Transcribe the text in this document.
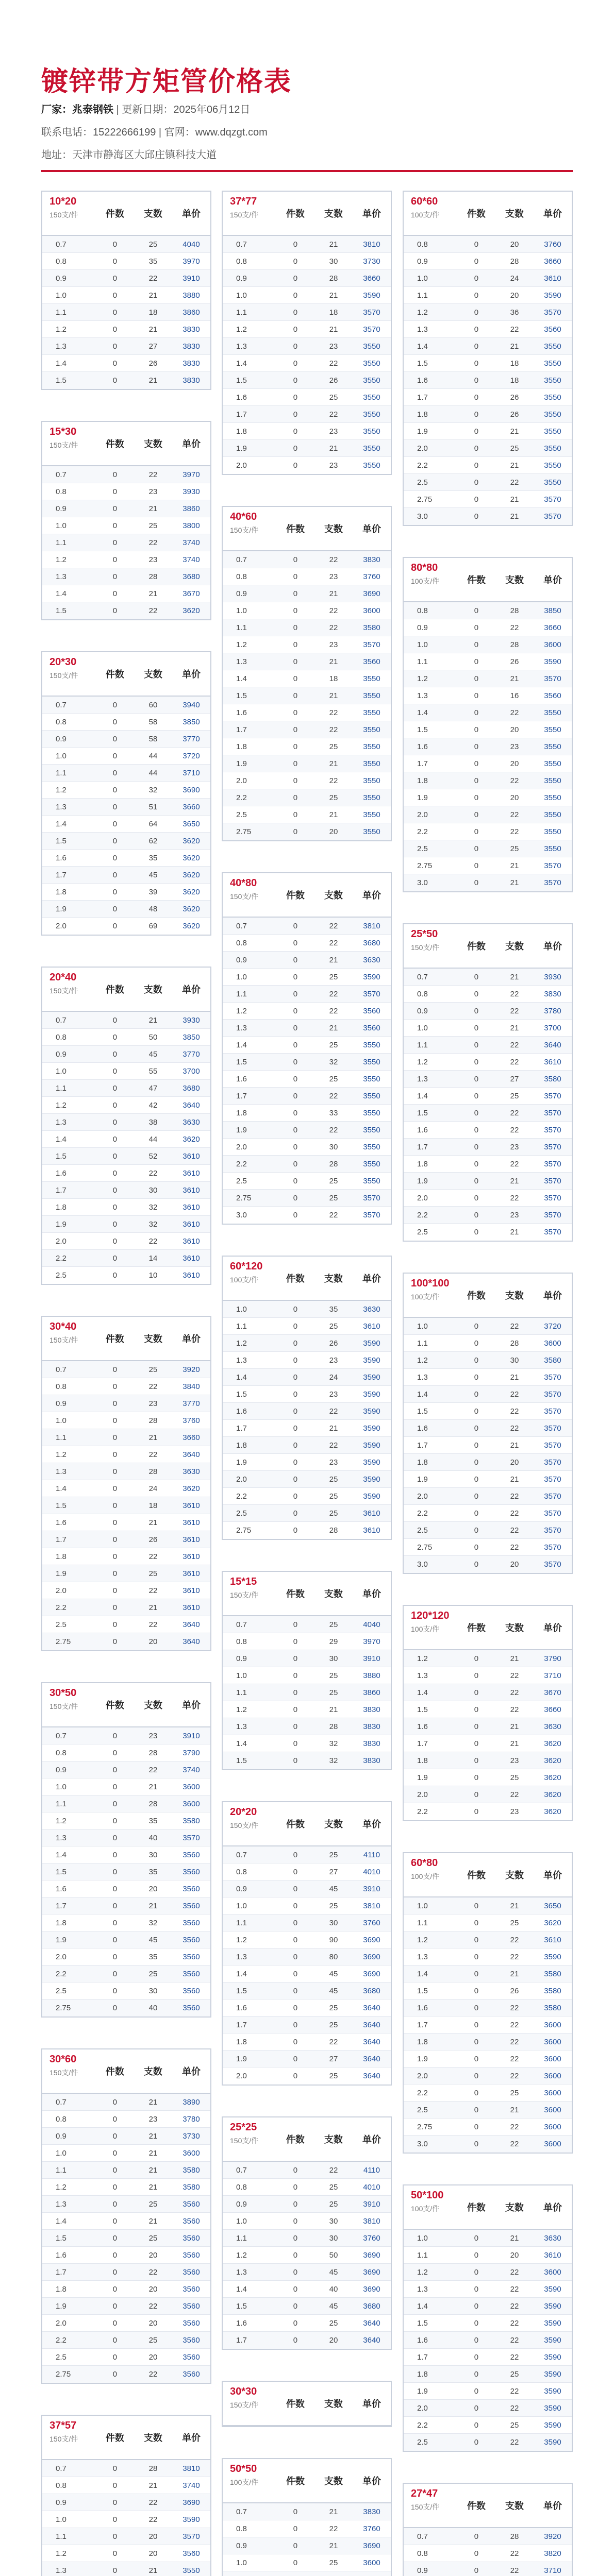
镀锌带方矩管价格表
厂家：兆泰钢铁 | 更新日期：2025年06月12日
联系电话：15222666199 | 官网：www.dqzgt.com
地址：天津市静海区大邱庄镇科技大道
10*20
150支/件	件数	支数	单价
0.7	0	25	4040
0.8	0	35	3970
0.9	0	22	3910
1.0	0	21	3880
1.1	0	18	3860
1.2	0	21	3830
1.3	0	27	3830
1.4	0	26	3830
1.5	0	21	3830
15*30
150支/件	件数	支数	单价
0.7	0	22	3970
0.8	0	23	3930
0.9	0	21	3860
1.0	0	25	3800
1.1	0	22	3740
1.2	0	23	3740
1.3	0	28	3680
1.4	0	21	3670
1.5	0	22	3620
20*30
150支/件	件数	支数	单价
0.7	0	60	3940
0.8	0	58	3850
0.9	0	58	3770
1.0	0	44	3720
1.1	0	44	3710
1.2	0	32	3690
1.3	0	51	3660
1.4	0	64	3650
1.5	0	62	3620
1.6	0	35	3620
1.7	0	45	3620
1.8	0	39	3620
1.9	0	48	3620
2.0	0	69	3620
20*40
150支/件	件数	支数	单价
0.7	0	21	3930
0.8	0	50	3850
0.9	0	45	3770
1.0	0	55	3700
1.1	0	47	3680
1.2	0	42	3640
1.3	0	38	3630
1.4	0	44	3620
1.5	0	52	3610
1.6	0	22	3610
1.7	0	30	3610
1.8	0	32	3610
1.9	0	32	3610
2.0	0	22	3610
2.2	0	14	3610
2.5	0	10	3610
30*40
150支/件	件数	支数	单价
0.7	0	25	3920
0.8	0	22	3840
0.9	0	23	3770
1.0	0	28	3760
1.1	0	21	3660
1.2	0	22	3640
1.3	0	28	3630
1.4	0	24	3620
1.5	0	18	3610
1.6	0	21	3610
1.7	0	26	3610
1.8	0	22	3610
1.9	0	25	3610
2.0	0	22	3610
2.2	0	21	3610
2.5	0	22	3640
2.75	0	20	3640
30*50
150支/件	件数	支数	单价
0.7	0	23	3910
0.8	0	28	3790
0.9	0	22	3740
1.0	0	21	3600
1.1	0	28	3600
1.2	0	35	3580
1.3	0	40	3570
1.4	0	30	3560
1.5	0	35	3560
1.6	0	20	3560
1.7	0	21	3560
1.8	0	32	3560
1.9	0	45	3560
2.0	0	35	3560
2.2	0	25	3560
2.5	0	30	3560
2.75	0	40	3560
30*60
150支/件	件数	支数	单价
0.7	0	21	3890
0.8	0	23	3780
0.9	0	21	3730
1.0	0	21	3600
1.1	0	21	3580
1.2	0	21	3580
1.3	0	25	3560
1.4	0	21	3560
1.5	0	25	3560
1.6	0	20	3560
1.7	0	22	3560
1.8	0	20	3560
1.9	0	22	3560
2.0	0	20	3560
2.2	0	25	3560
2.5	0	20	3560
2.75	0	22	3560
37*57
150支/件	件数	支数	单价
0.7	0	28	3810
0.8	0	21	3740
0.9	0	22	3690
1.0	0	22	3590
1.1	0	20	3570
1.2	0	20	3560
1.3	0	21	3550
37*77
150支/件	件数	支数	单价
0.7	0	21	3810
0.8	0	30	3730
0.9	0	28	3660
1.0	0	21	3590
1.1	0	18	3570
1.2	0	21	3570
1.3	0	23	3550
1.4	0	22	3550
1.5	0	26	3550
1.6	0	25	3550
1.7	0	22	3550
1.8	0	23	3550
1.9	0	21	3550
2.0	0	23	3550
40*60
150支/件	件数	支数	单价
0.7	0	22	3830
0.8	0	23	3760
0.9	0	21	3690
1.0	0	22	3600
1.1	0	22	3580
1.2	0	23	3570
1.3	0	21	3560
1.4	0	18	3550
1.5	0	21	3550
1.6	0	22	3550
1.7	0	22	3550
1.8	0	25	3550
1.9	0	21	3550
2.0	0	22	3550
2.2	0	25	3550
2.5	0	21	3550
2.75	0	20	3550
40*80
150支/件	件数	支数	单价
0.7	0	22	3810
0.8	0	22	3680
0.9	0	21	3630
1.0	0	25	3590
1.1	0	22	3570
1.2	0	22	3560
1.3	0	21	3560
1.4	0	25	3550
1.5	0	32	3550
1.6	0	25	3550
1.7	0	22	3550
1.8	0	33	3550
1.9	0	22	3550
2.0	0	30	3550
2.2	0	28	3550
2.5	0	25	3550
2.75	0	25	3570
3.0	0	22	3570
60*120
100支/件	件数	支数	单价
1.0	0	35	3630
1.1	0	25	3610
1.2	0	26	3590
1.3	0	23	3590
1.4	0	24	3590
1.5	0	23	3590
1.6	0	22	3590
1.7	0	21	3590
1.8	0	22	3590
1.9	0	23	3590
2.0	0	25	3590
2.2	0	25	3590
2.5	0	25	3610
2.75	0	28	3610
15*15
150支/件	件数	支数	单价
0.7	0	25	4040
0.8	0	29	3970
0.9	0	30	3910
1.0	0	25	3880
1.1	0	25	3860
1.2	0	21	3830
1.3	0	28	3830
1.4	0	32	3830
1.5	0	32	3830
20*20
150支/件	件数	支数	单价
0.7	0	25	4110
0.8	0	27	4010
0.9	0	45	3910
1.0	0	25	3810
1.1	0	30	3760
1.2	0	90	3690
1.3	0	80	3690
1.4	0	45	3690
1.5	0	45	3680
1.6	0	25	3640
1.7	0	25	3640
1.8	0	22	3640
1.9	0	27	3640
2.0	0	25	3640
25*25
150支/件	件数	支数	单价
0.7	0	22	4110
0.8	0	25	4010
0.9	0	25	3910
1.0	0	30	3810
1.1	0	30	3760
1.2	0	50	3690
1.3	0	45	3690
1.4	0	40	3690
1.5	0	45	3680
1.6	0	25	3640
1.7	0	20	3640
30*30
150支/件	件数	支数	单价
50*50
100支/件	件数	支数	单价
0.7	0	21	3830
0.8	0	22	3760
0.9	0	21	3690
1.0	0	25	3600
60*60
100支/件	件数	支数	单价
0.8	0	20	3760
0.9	0	28	3660
1.0	0	24	3610
1.1	0	20	3590
1.2	0	36	3570
1.3	0	22	3560
1.4	0	21	3550
1.5	0	18	3550
1.6	0	18	3550
1.7	0	26	3550
1.8	0	26	3550
1.9	0	21	3550
2.0	0	25	3550
2.2	0	21	3550
2.5	0	22	3550
2.75	0	21	3570
3.0	0	21	3570
80*80
100支/件	件数	支数	单价
0.8	0	28	3850
0.9	0	22	3660
1.0	0	28	3600
1.1	0	26	3590
1.2	0	21	3570
1.3	0	16	3560
1.4	0	22	3550
1.5	0	20	3550
1.6	0	23	3550
1.7	0	20	3550
1.8	0	22	3550
1.9	0	20	3550
2.0	0	22	3550
2.2	0	22	3550
2.5	0	25	3550
2.75	0	21	3570
3.0	0	21	3570
25*50
150支/件	件数	支数	单价
0.7	0	21	3930
0.8	0	22	3830
0.9	0	22	3780
1.0	0	21	3700
1.1	0	22	3640
1.2	0	22	3610
1.3	0	27	3580
1.4	0	25	3570
1.5	0	22	3570
1.6	0	22	3570
1.7	0	23	3570
1.8	0	22	3570
1.9	0	21	3570
2.0	0	22	3570
2.2	0	23	3570
2.5	0	21	3570
100*100
100支/件	件数	支数	单价
1.0	0	22	3720
1.1	0	28	3600
1.2	0	30	3580
1.3	0	21	3570
1.4	0	22	3570
1.5	0	22	3570
1.6	0	22	3570
1.7	0	21	3570
1.8	0	20	3570
1.9	0	21	3570
2.0	0	22	3570
2.2	0	22	3570
2.5	0	22	3570
2.75	0	22	3570
3.0	0	20	3570
120*120
100支/件	件数	支数	单价
1.2	0	21	3790
1.3	0	22	3710
1.4	0	22	3670
1.5	0	22	3660
1.6	0	21	3630
1.7	0	21	3620
1.8	0	23	3620
1.9	0	25	3620
2.0	0	22	3620
2.2	0	23	3620
60*80
100支/件	件数	支数	单价
1.0	0	21	3650
1.1	0	25	3620
1.2	0	22	3610
1.3	0	22	3590
1.4	0	21	3580
1.5	0	26	3580
1.6	0	22	3580
1.7	0	22	3600
1.8	0	22	3600
1.9	0	22	3600
2.0	0	22	3600
2.2	0	25	3600
2.5	0	21	3600
2.75	0	22	3600
3.0	0	22	3600
50*100
100支/件	件数	支数	单价
1.0	0	21	3630
1.1	0	20	3610
1.2	0	22	3600
1.3	0	22	3590
1.4	0	22	3590
1.5	0	22	3590
1.6	0	22	3590
1.7	0	22	3590
1.8	0	25	3590
1.9	0	22	3590
2.0	0	22	3590
2.2	0	25	3590
2.5	0	22	3590
27*47
150支/件	件数	支数	单价
0.7	0	28	3920
0.8	0	22	3820
0.9	0	22	3710
